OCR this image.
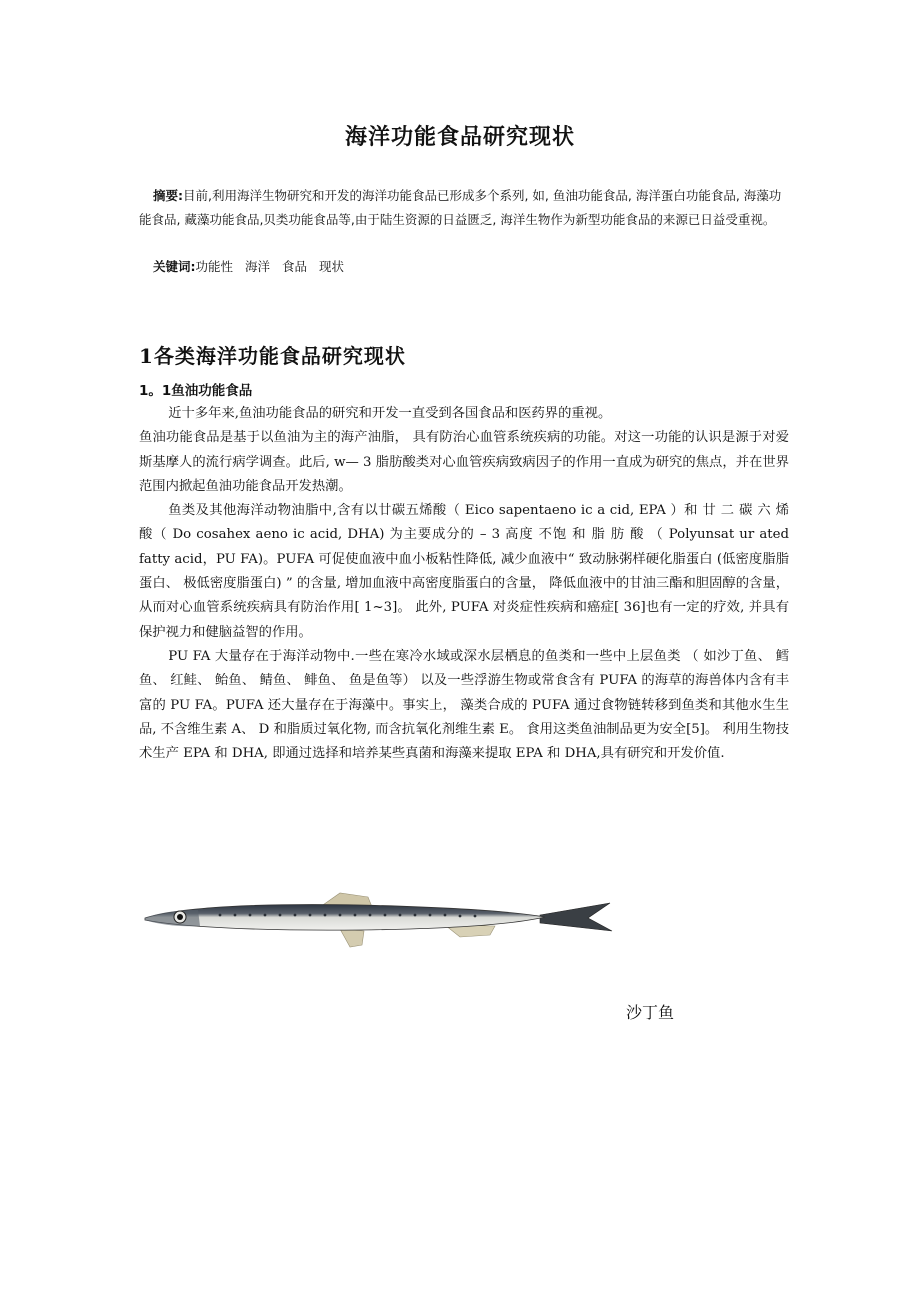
海洋功能食品研究现状
摘要:目前,利用海洋生物研究和开发的海洋功能食品已形成多个系列, 如, 鱼油功能食品, 海洋蛋白功能食品, 海藻功能食品, 藏藻功能食品,贝类功能食品等,由于陆生资源的日益匮乏, 海洋生物作为新型功能食品的来源已日益受重视。
关键词:功能性 海洋 食品 现状
1各类海洋功能食品研究现状
1。1鱼油功能食品

近十多年来,鱼油功能食品的研究和开发一直受到各国食品和医药界的重视。

鱼油功能食品是基于以鱼油为主的海产油脂， 具有防治心血管系统疾病的功能。对这一功能的认识是源于对爱斯基摩人的流行病学调查。此后, w— 3 脂肪酸类对心血管疾病致病因子的作用一直成为研究的焦点，并在世界范围内掀起鱼油功能食品开发热潮。

鱼类及其他海洋动物油脂中,含有以廿碳五烯酸（ Eico sapentaeno ic a cid, EPA ）和 廿 二 碳 六 烯 酸（ Do cosahex aeno ic acid, DHA) 为主要成分的 – 3 高度 不饱 和 脂 肪 酸 （ Polyunsat ur ated fatty acid，PU FA)。PUFA 可促使血液中血小板粘性降低, 减少血液中“ 致动脉粥样硬化脂蛋白 (低密度脂脂蛋白、 极低密度脂蛋白) ” 的含量, 增加血液中高密度脂蛋白的含量， 降低血液中的甘油三酯和胆固醇的含量， 从而对心血管系统疾病具有防治作用[ 1~3]。 此外, PUFA 对炎症性疾病和癌症[ 36]也有一定的疗效, 并具有保护视力和健脑益智的作用。

PU FA 大量存在于海洋动物中.一些在寒冷水域或深水层栖息的鱼类和一些中上层鱼类 （ 如沙丁鱼、 鳕鱼、 红鲑、 鲐鱼、 鲭鱼、 鲱鱼、 鱼是鱼等） 以及一些浮游生物或常食含有 PUFA 的海草的海兽体内含有丰富的 PU FA。PUFA 还大量存在于海藻中。事实上， 藻类合成的 PUFA 通过食物链转移到鱼类和其他水生生品, 不含维生素 A、 D 和脂质过氧化物, 而含抗氧化剂维生素 E。 食用这类鱼油制品更为安全[5]。 利用生物技术生产 EPA 和 DHA, 即通过选择和培养某些真菌和海藻来提取 EPA 和 DHA,具有研究和开发价值.

沙丁鱼
